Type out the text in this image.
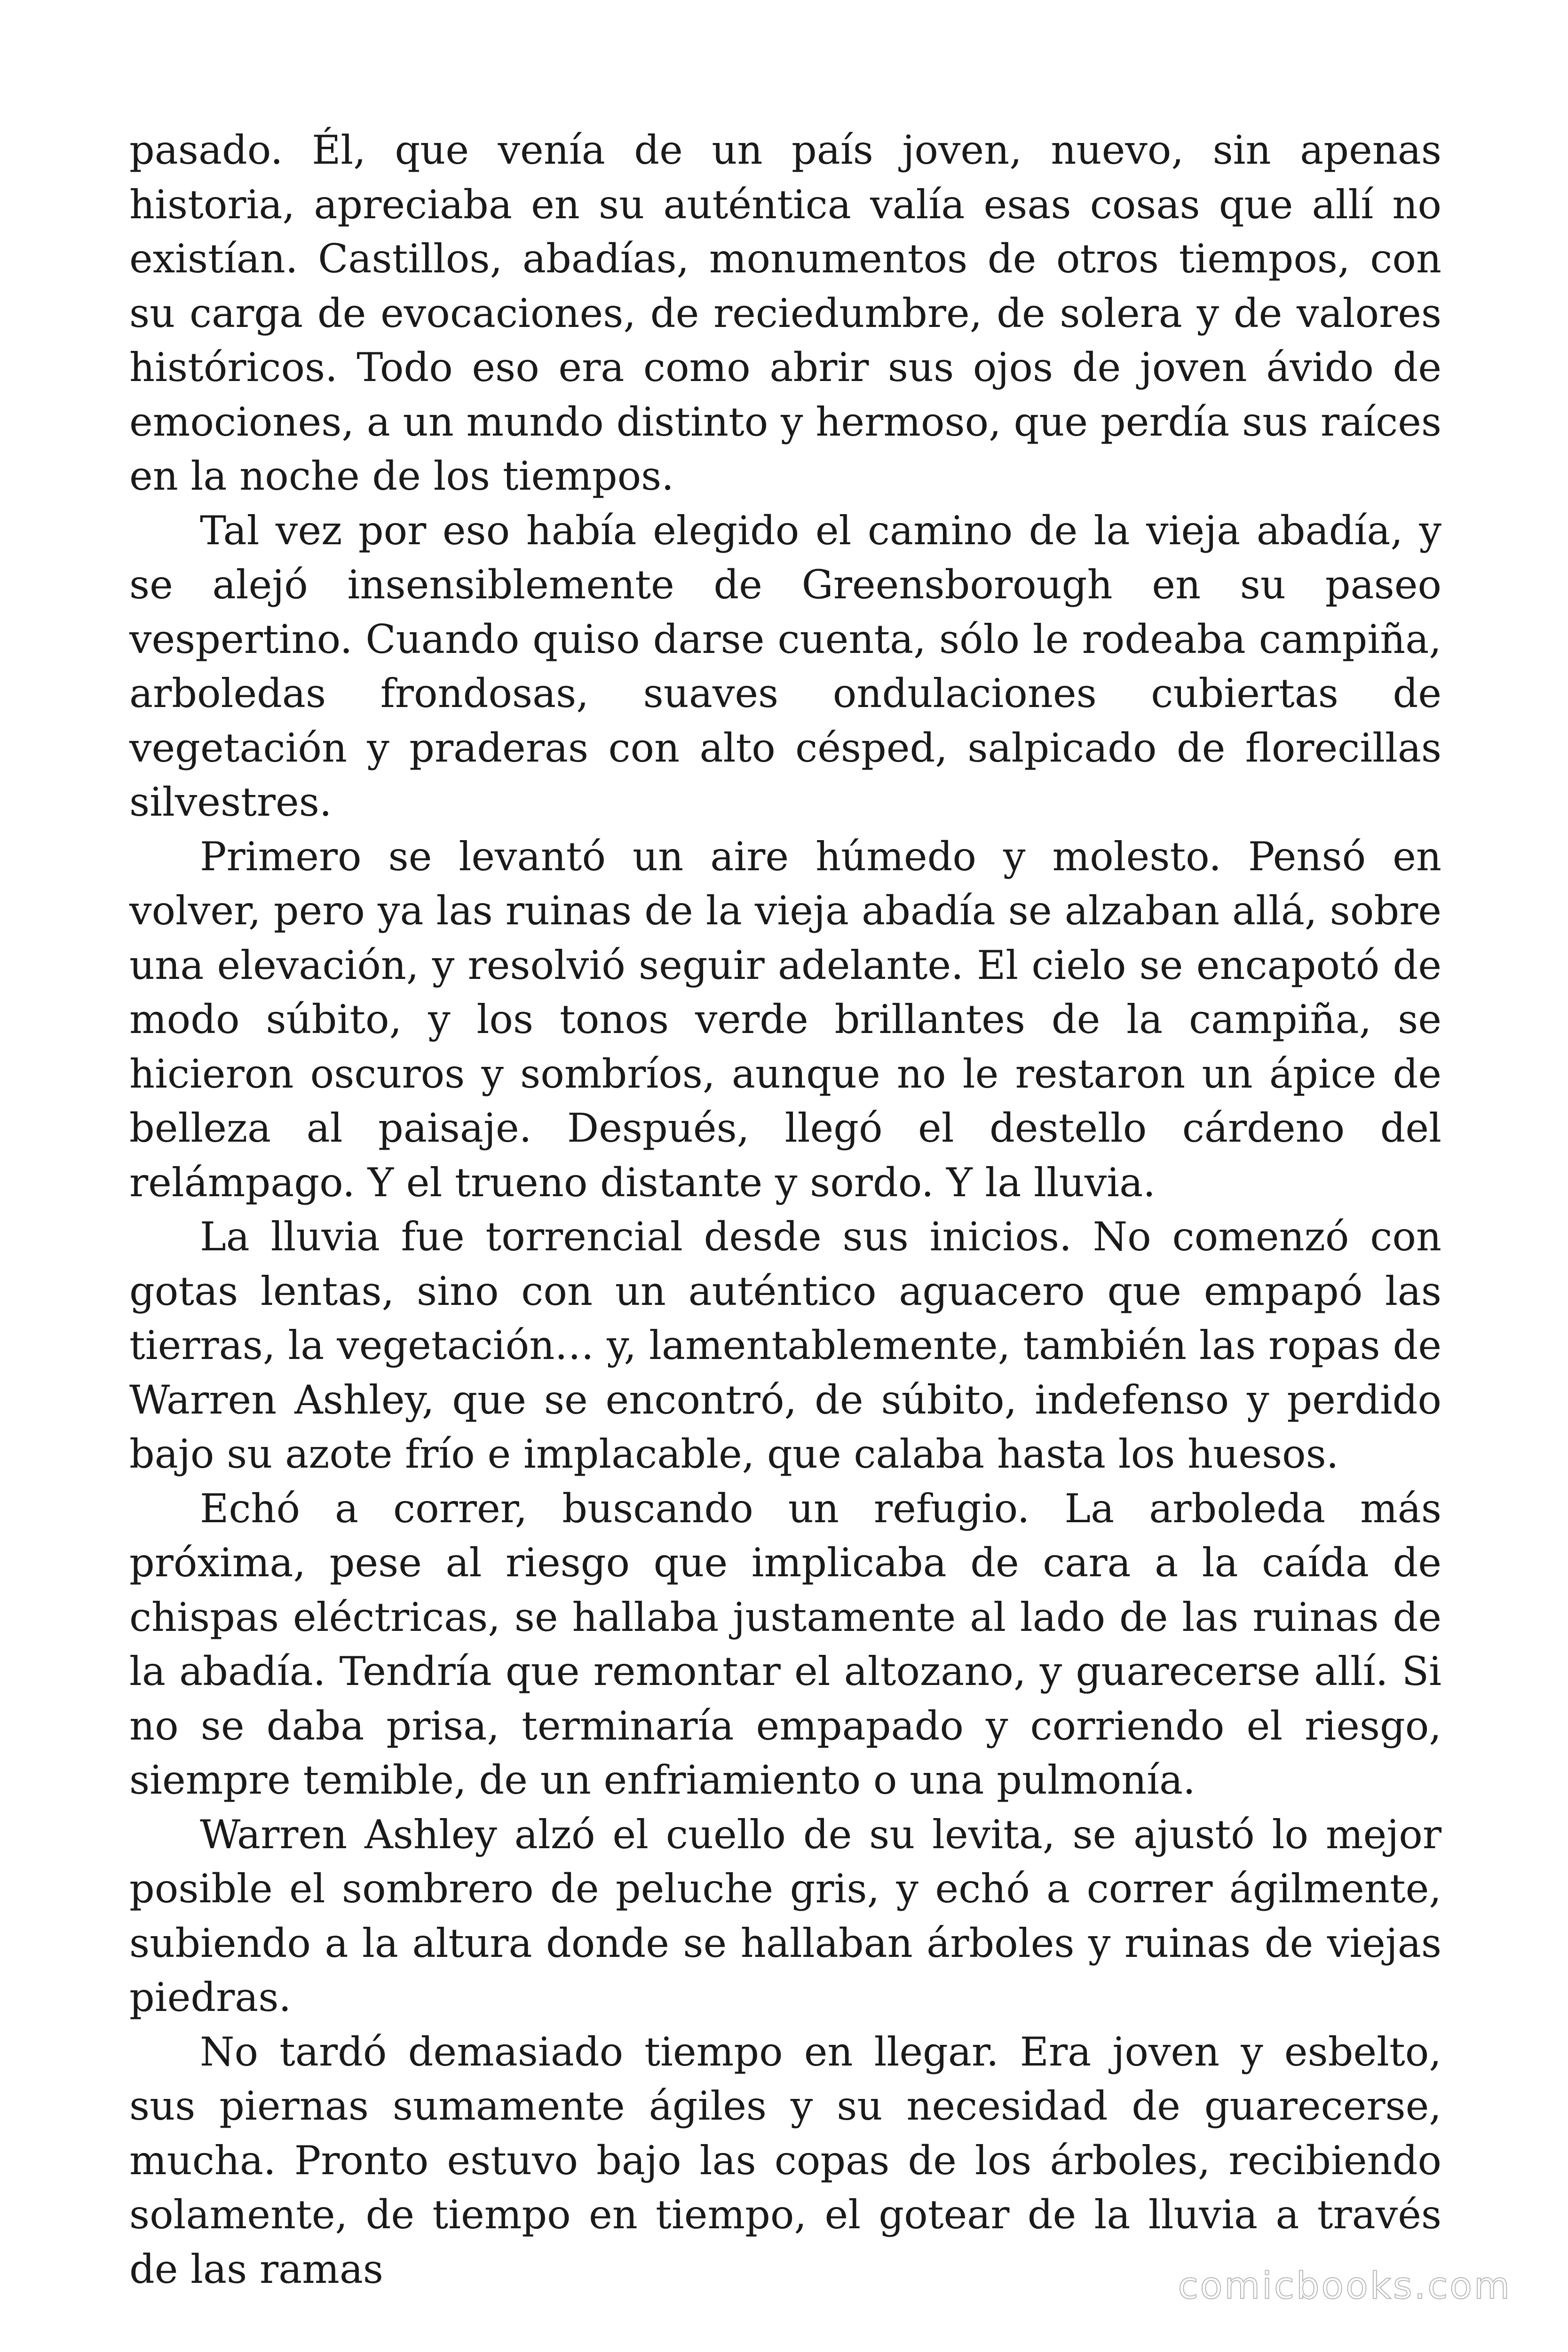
pasado. Él, que venía de un país joven, nuevo, sin apenas historia, apreciaba en su auténtica valía esas cosas que allí no existían. Castillos, abadías, monumentos de otros tiempos, con su carga de evocaciones, de reciedumbre, de solera y de valores históricos. Todo eso era como abrir sus ojos de joven ávido de emociones, a un mundo distinto y hermoso, que perdía sus raíces en la noche de los tiempos.

Tal vez por eso había elegido el camino de la vieja abadía, y se alejó insensiblemente de Greensborough en su paseo vespertino. Cuando quiso darse cuenta, sólo le rodeaba campiña, arboledas frondosas, suaves ondulaciones cubiertas de vegetación y praderas con alto césped, salpicado de florecillas silvestres.

Primero se levantó un aire húmedo y molesto. Pensó en volver, pero ya las ruinas de la vieja abadía se alzaban allá, sobre una elevación, y resolvió seguir adelante. El cielo se encapotó de modo súbito, y los tonos verde brillantes de la campiña, se hicieron oscuros y sombríos, aunque no le restaron un ápice de belleza al paisaje. Después, llegó el destello cárdeno del relámpago. Y el trueno distante y sordo. Y la lluvia.

La lluvia fue torrencial desde sus inicios. No comenzó con gotas lentas, sino con un auténtico aguacero que empapó las tierras, la vegetación… y, lamentablemente, también las ropas de Warren Ashley, que se encontró, de súbito, indefenso y perdido bajo su azote frío e implacable, que calaba hasta los huesos.

Echó a correr, buscando un refugio. La arboleda más próxima, pese al riesgo que implicaba de cara a la caída de chispas eléctricas, se hallaba justamente al lado de las ruinas de la abadía. Tendría que remontar el altozano, y guarecerse allí. Si no se daba prisa, terminaría empapado y corriendo el riesgo, siempre temible, de un enfriamiento o una pulmonía.

Warren Ashley alzó el cuello de su levita, se ajustó lo mejor posible el sombrero de peluche gris, y echó a correr ágilmente, subiendo a la altura donde se hallaban árboles y ruinas de viejas piedras.

No tardó demasiado tiempo en llegar. Era joven y esbelto, sus piernas sumamente ágiles y su necesidad de guarecerse, mucha. Pronto estuvo bajo las copas de los árboles, recibiendo solamente, de tiempo en tiempo, el gotear de la lluvia a través de las ramas	comicbooks.com
